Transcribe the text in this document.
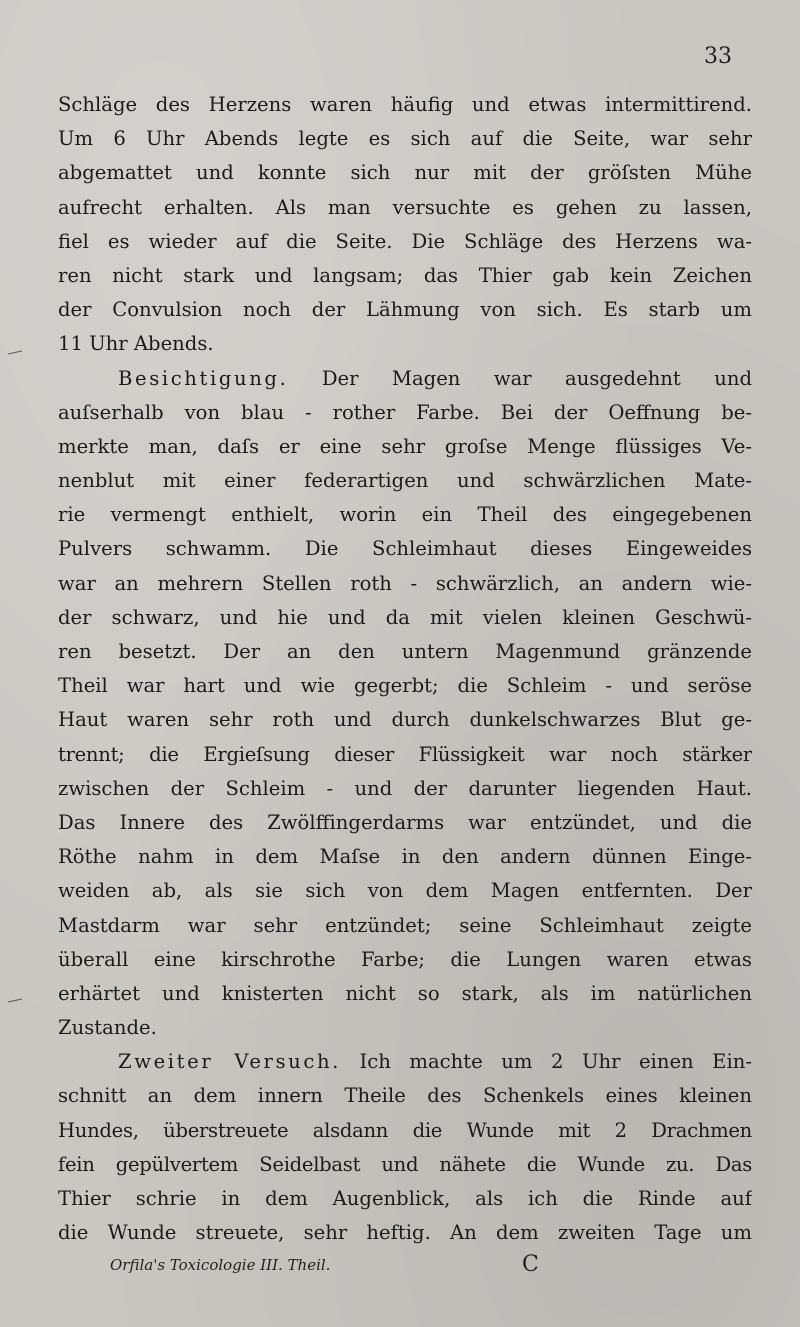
33
Schläge des Herzens waren häufig und etwas intermittirend.
Um 6 Uhr Abends legte es sich auf die Seite, war sehr
abgemattet und konnte sich nur mit der gröſsten Mühe
aufrecht erhalten. Als man versuchte es gehen zu lassen,
fiel es wieder auf die Seite. Die Schläge des Herzens wa-
ren nicht stark und langsam; das Thier gab kein Zeichen
der Convulsion noch der Lähmung von sich. Es starb um
11 Uhr Abends.
Besichtigung. Der Magen war ausgedehnt und
auſserhalb von blau - rother Farbe. Bei der Oeffnung be-
merkte man, daſs er eine sehr groſse Menge flüssiges Ve-
nenblut mit einer federartigen und schwärzlichen Mate-
rie vermengt enthielt, worin ein Theil des eingegebenen
Pulvers schwamm. Die Schleimhaut dieses Eingeweides
war an mehrern Stellen roth - schwärzlich, an andern wie-
der schwarz, und hie und da mit vielen kleinen Geschwü-
ren besetzt. Der an den untern Magenmund gränzende
Theil war hart und wie gegerbt; die Schleim - und seröse
Haut waren sehr roth und durch dunkelschwarzes Blut ge-
trennt; die Ergieſsung dieser Flüssigkeit war noch stärker
zwischen der Schleim - und der darunter liegenden Haut.
Das Innere des Zwölffingerdarms war entzündet, und die
Röthe nahm in dem Maſse in den andern dünnen Einge-
weiden ab, als sie sich von dem Magen entfernten. Der
Mastdarm war sehr entzündet; seine Schleimhaut zeigte
überall eine kirschrothe Farbe; die Lungen waren etwas
erhärtet und knisterten nicht so stark, als im natürlichen
Zustande.
Zweiter Versuch. Ich machte um 2 Uhr einen Ein-
schnitt an dem innern Theile des Schenkels eines kleinen
Hundes, überstreuete alsdann die Wunde mit 2 Drachmen
fein gepülvertem Seidelbast und nähete die Wunde zu. Das
Thier schrie in dem Augenblick, als ich die Rinde auf
die Wunde streuete, sehr heftig. An dem zweiten Tage um
Orfila's Toxicologie III. Theil.	C
